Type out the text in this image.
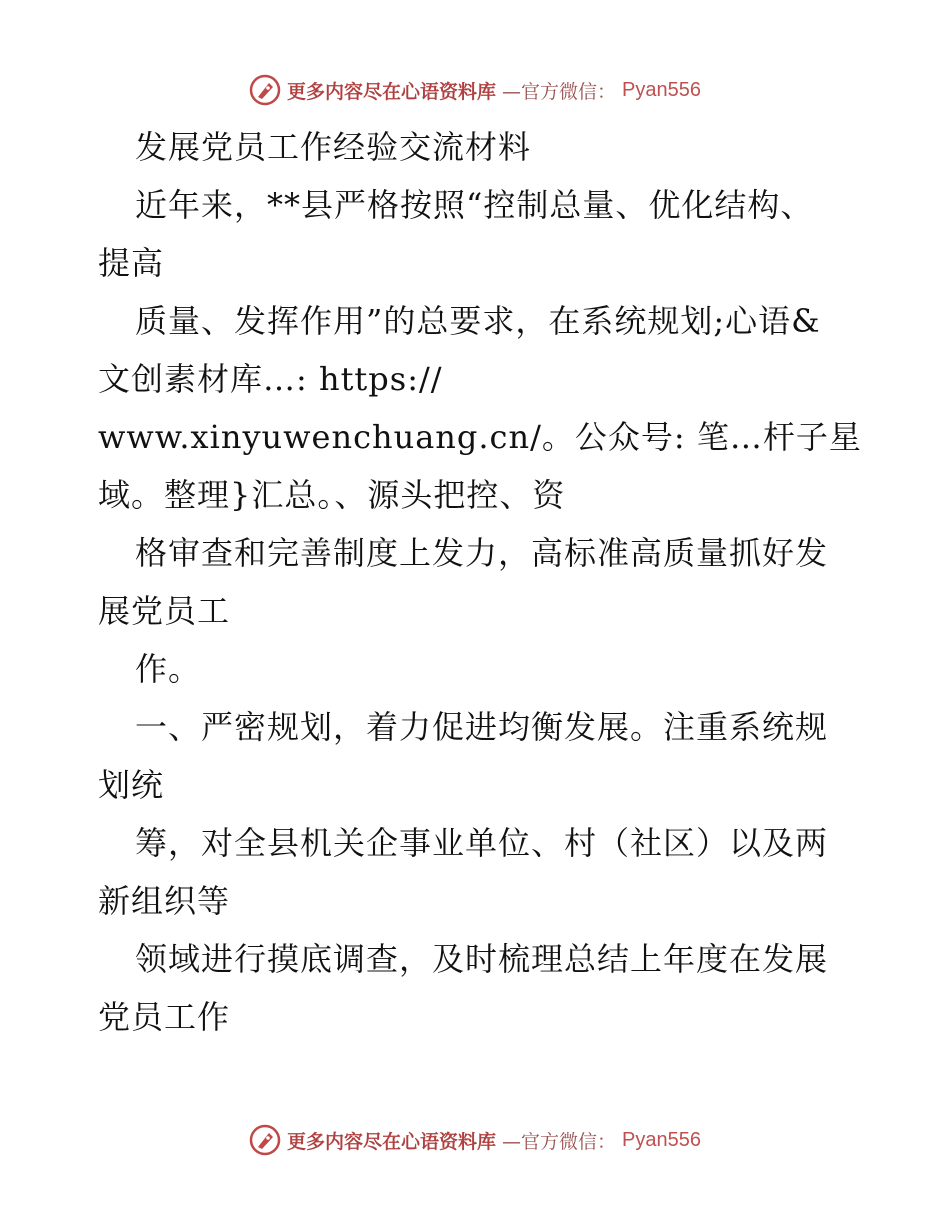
更多内容尽在心语资料库 —官方微信： Pyan556
发展党员工作经验交流材料
近年来，**县严格按照“控制总量、优化结构、
提高
质量、发挥作用”的总要求，在系统规划;心语&
文创素材库…: https://
www.xinyuwenchuang.cn/。公众号: 笔…杆子星
域。整理}汇总。、源头把控、资
格审查和完善制度上发力，高标准高质量抓好发
展党员工
作。
一、严密规划，着力促进均衡发展。注重系统规
划统
筹，对全县机关企事业单位、村（社区）以及两
新组织等
领域进行摸底调查，及时梳理总结上年度在发展
党员工作
更多内容尽在心语资料库 —官方微信： Pyan556
